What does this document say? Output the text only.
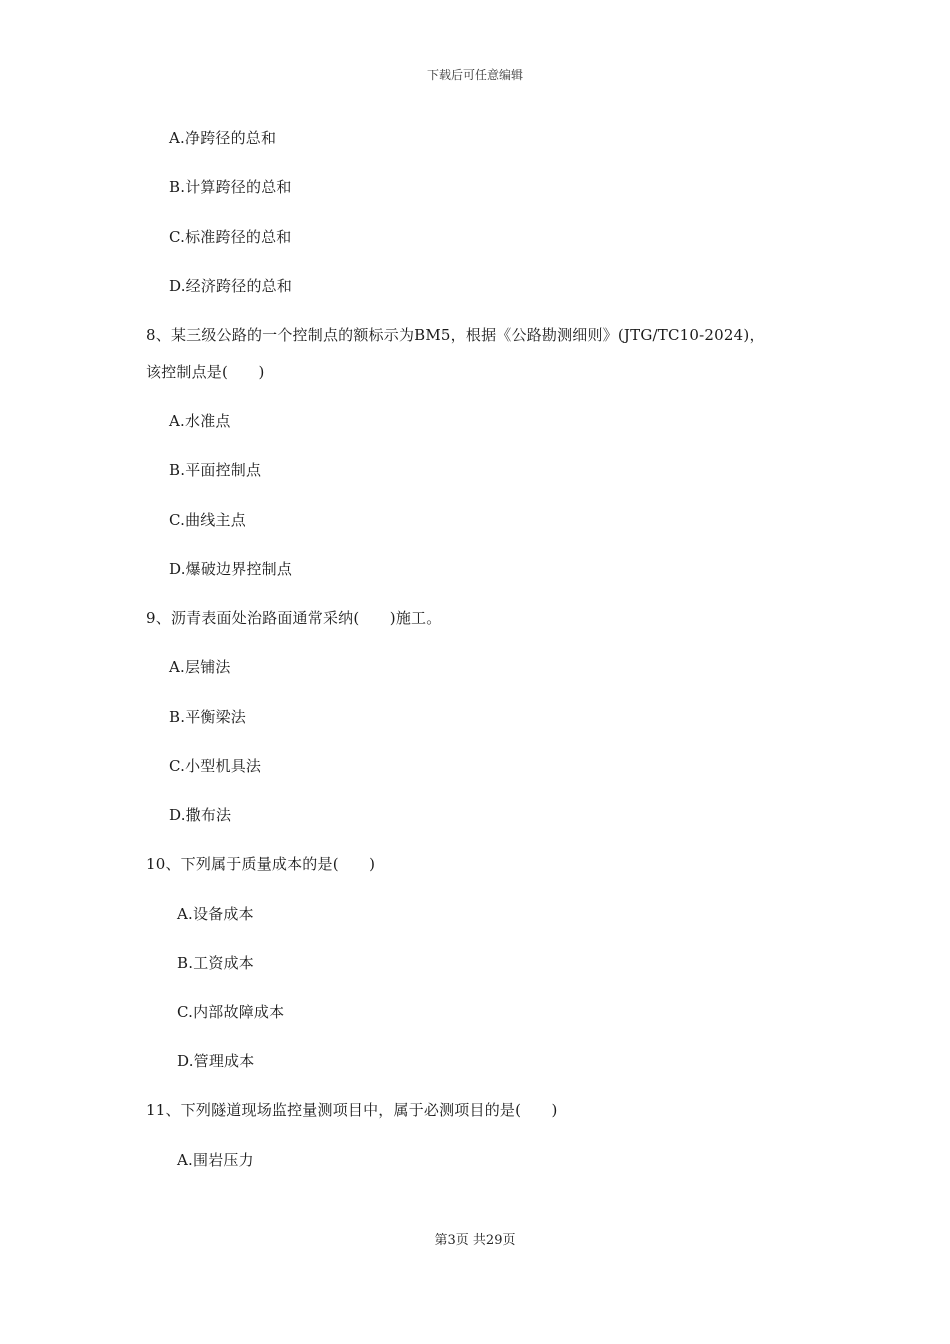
下载后可任意编辑
A.净跨径的总和
B.计算跨径的总和
C.标准跨径的总和
D.经济跨径的总和
8、某三级公路的一个控制点的额标示为BM5，根据《公路勘测细则》(JTG/TC10-2024)，
该控制点是(　　)
A.水准点
B.平面控制点
C.曲线主点
D.爆破边界控制点
9、沥青表面处治路面通常采纳(　　)施工。
A.层铺法
B.平衡梁法
C.小型机具法
D.撒布法
10、下列属于质量成本的是(　　)
A.设备成本
B.工资成本
C.内部故障成本
D.管理成本
11、下列隧道现场监控量测项目中，属于必测项目的是(　　)
A.围岩压力
第3页 共29页
